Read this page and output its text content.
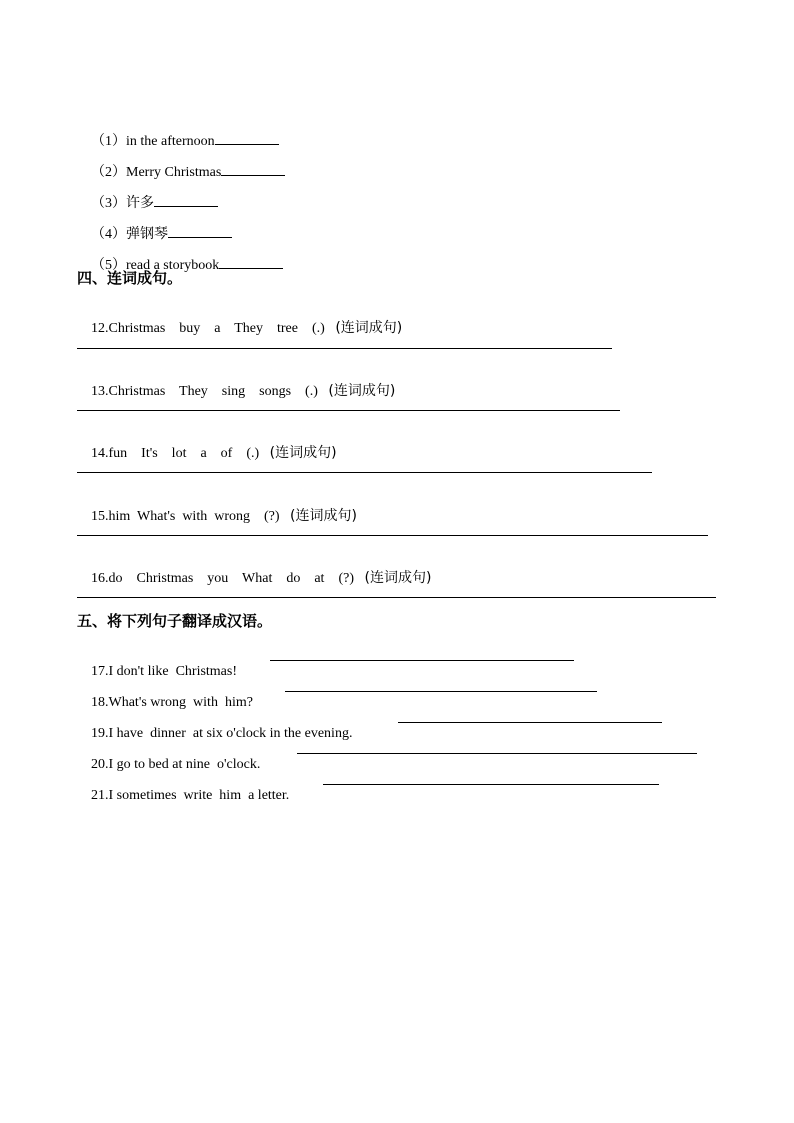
（1）in the afternoon

（2）Merry Christmas

（3）许多

（4）弹钢琴

（5）read a storybook

四、连词成句。

12.Christmas    buy    a    They    tree    (.)   (连词成句)

13.Christmas    They    sing    songs    (.)   (连词成句)

14.fun    It's    lot    a    of    (.)   (连词成句)

15.him  What's  with  wrong    (?)   (连词成句)

16.do    Christmas    you    What    do    at    (?)   (连词成句)

五、将下列句子翻译成汉语。

17.I don't like  Christmas!

18.What's wrong  with  him?

19.I have  dinner  at six o'clock in the evening.

20.I go to bed at nine  o'clock.

21.I sometimes  write  him  a letter.
